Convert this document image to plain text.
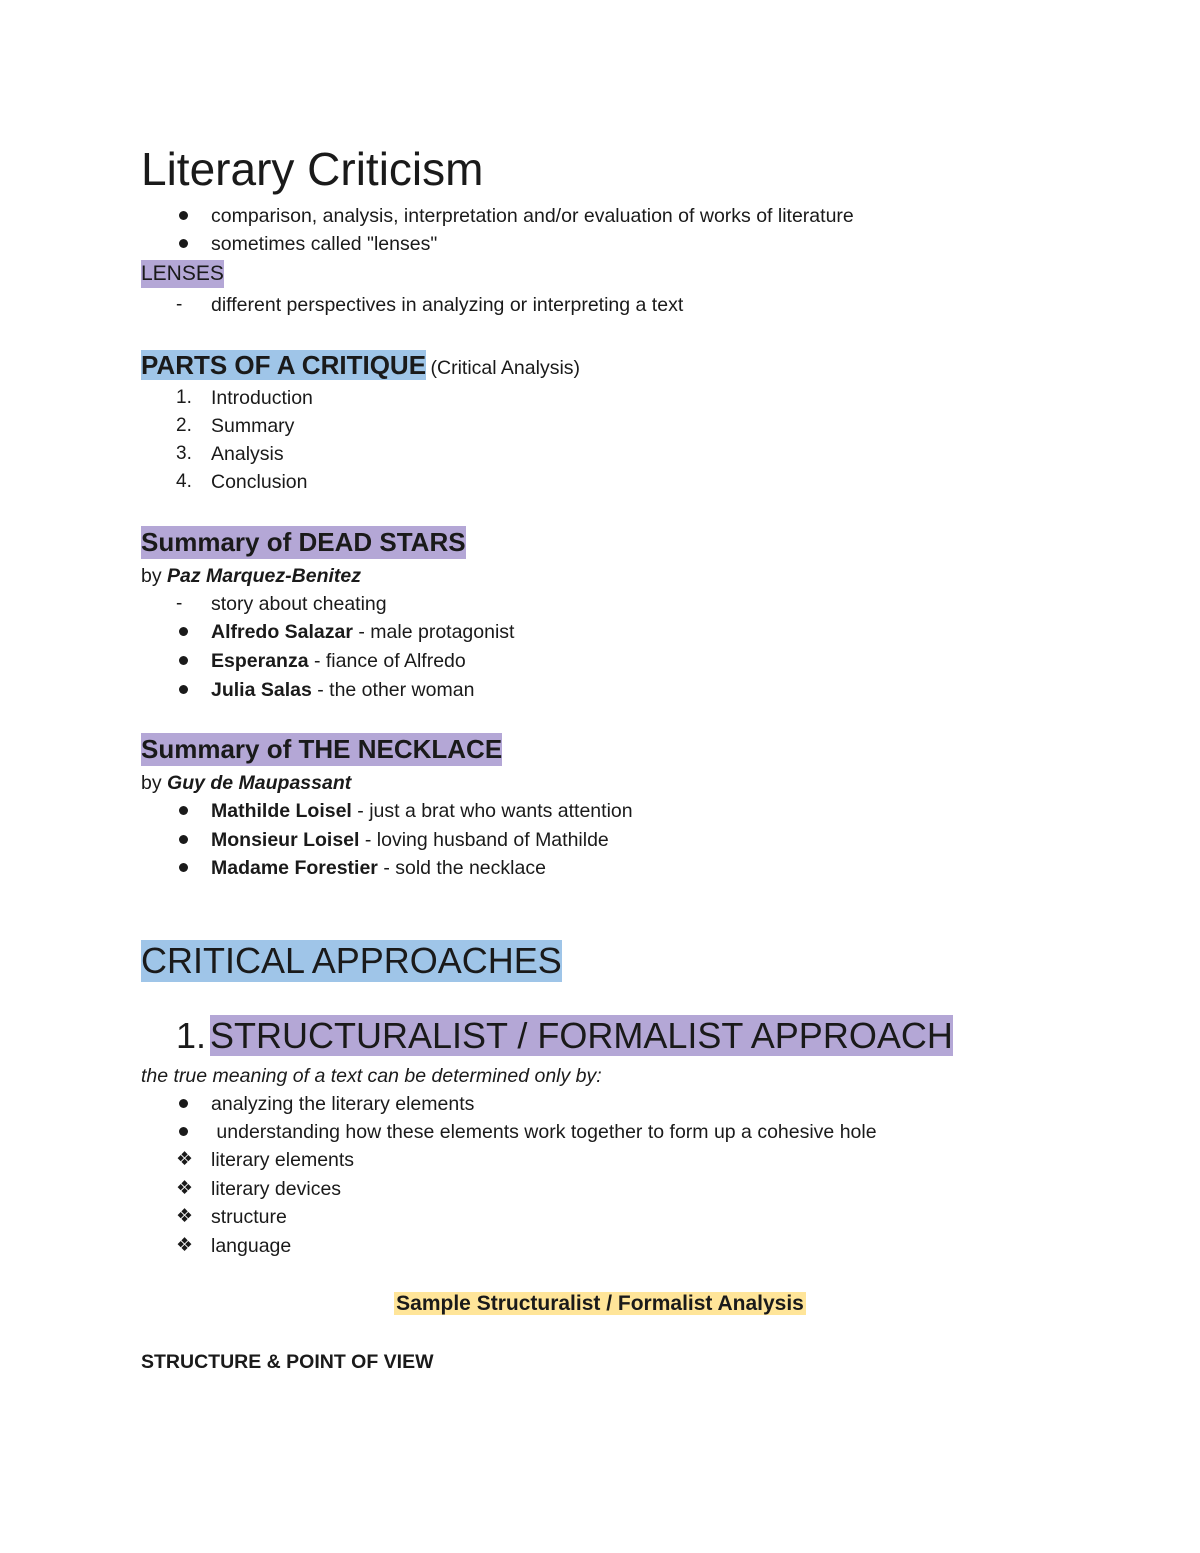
Literary Criticism
comparison, analysis, interpretation and/or evaluation of works of literature
sometimes called "lenses"
LENSES
- different perspectives in analyzing or interpreting a text
PARTS OF A CRITIQUE (Critical Analysis)
1. Introduction
2. Summary
3. Analysis
4. Conclusion
Summary of DEAD STARS
by Paz Marquez-Benitez
- story about cheating
Alfredo Salazar - male protagonist
Esperanza - fiance of Alfredo
Julia Salas - the other woman
Summary of THE NECKLACE
by Guy de Maupassant
Mathilde Loisel - just a brat who wants attention
Monsieur Loisel - loving husband of Mathilde
Madame Forestier - sold the necklace
CRITICAL APPROACHES
1. STRUCTURALIST / FORMALIST APPROACH
the true meaning of a text can be determined only by:
analyzing the literary elements
understanding how these elements work together to form up a cohesive hole
❖ literary elements
❖ literary devices
❖ structure
❖ language
Sample Structuralist / Formalist Analysis
STRUCTURE & POINT OF VIEW
